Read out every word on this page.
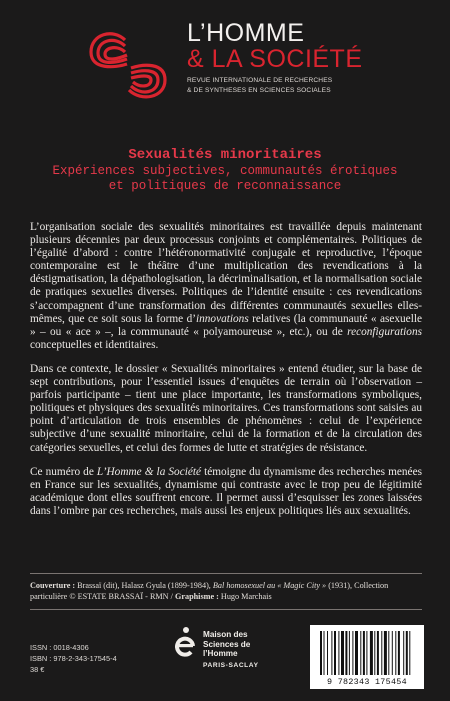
L’HOMME
& LA SOCIÉTÉ
REVUE INTERNATIONALE DE RECHERCHES
& DE SYNTHESES EN SCIENCES SOCIALES
Sexualités minoritaires
Expériences subjectives, communautés érotiques
et politiques de reconnaissance

L’organisation sociale des sexualités minoritaires est travaillée depuis maintenant plusieurs décennies par deux processus conjoints et complémentaires. Politiques de l’égalité d’abord : contre l’hétéronormativité conjugale et reproductive, l’époque contemporaine est le théâtre d’une multiplication des revendications à la déstigmatisation, la dépathologisation, la décriminalisation, et la normalisation sociale de pratiques sexuelles diverses. Politiques de l’identité ensuite : ces revendications s’accompagnent d’une transformation des différentes communautés sexuelles elles-mêmes, que ce soit sous la forme d’innovations relatives (la communauté « asexuelle » – ou « ace » –, la communauté « polyamoureuse », etc.), ou de reconfigurations conceptuelles et identitaires.

Dans ce contexte, le dossier « Sexualités minoritaires » entend étudier, sur la base de sept contributions, pour l’essentiel issues d’enquêtes de terrain où l’observation – parfois participante – tient une place importante, les transformations symboliques, politiques et physiques des sexualités minoritaires. Ces transformations sont saisies au point d’articulation de trois ensembles de phénomènes : celui de l’expérience subjective d’une sexualité minoritaire, celui de la formation et de la circulation des catégories sexuelles, et celui des formes de lutte et stratégies de résistance.

Ce numéro de L’Homme & la Société témoigne du dynamisme des recherches menées en France sur les sexualités, dynamisme qui contraste avec le trop peu de légitimité académique dont elles souffrent encore. Il permet aussi d’esquisser les zones laissées dans l’ombre par ces recherches, mais aussi les enjeux politiques liés aux sexualités.

Couverture : Brassaï (dit), Halasz Gyula (1899-1984), Bal homosexuel au « Magic City » (1931), Collection particulière © ESTATE BRASSAÏ - RMN / Graphisme : Hugo Marchais
ISSN : 0018-4306
ISBN : 978-2-343-17545-4
38 €
Maison des
Sciences de
l’Homme
PARIS-SACLAY
9 782343 175454
